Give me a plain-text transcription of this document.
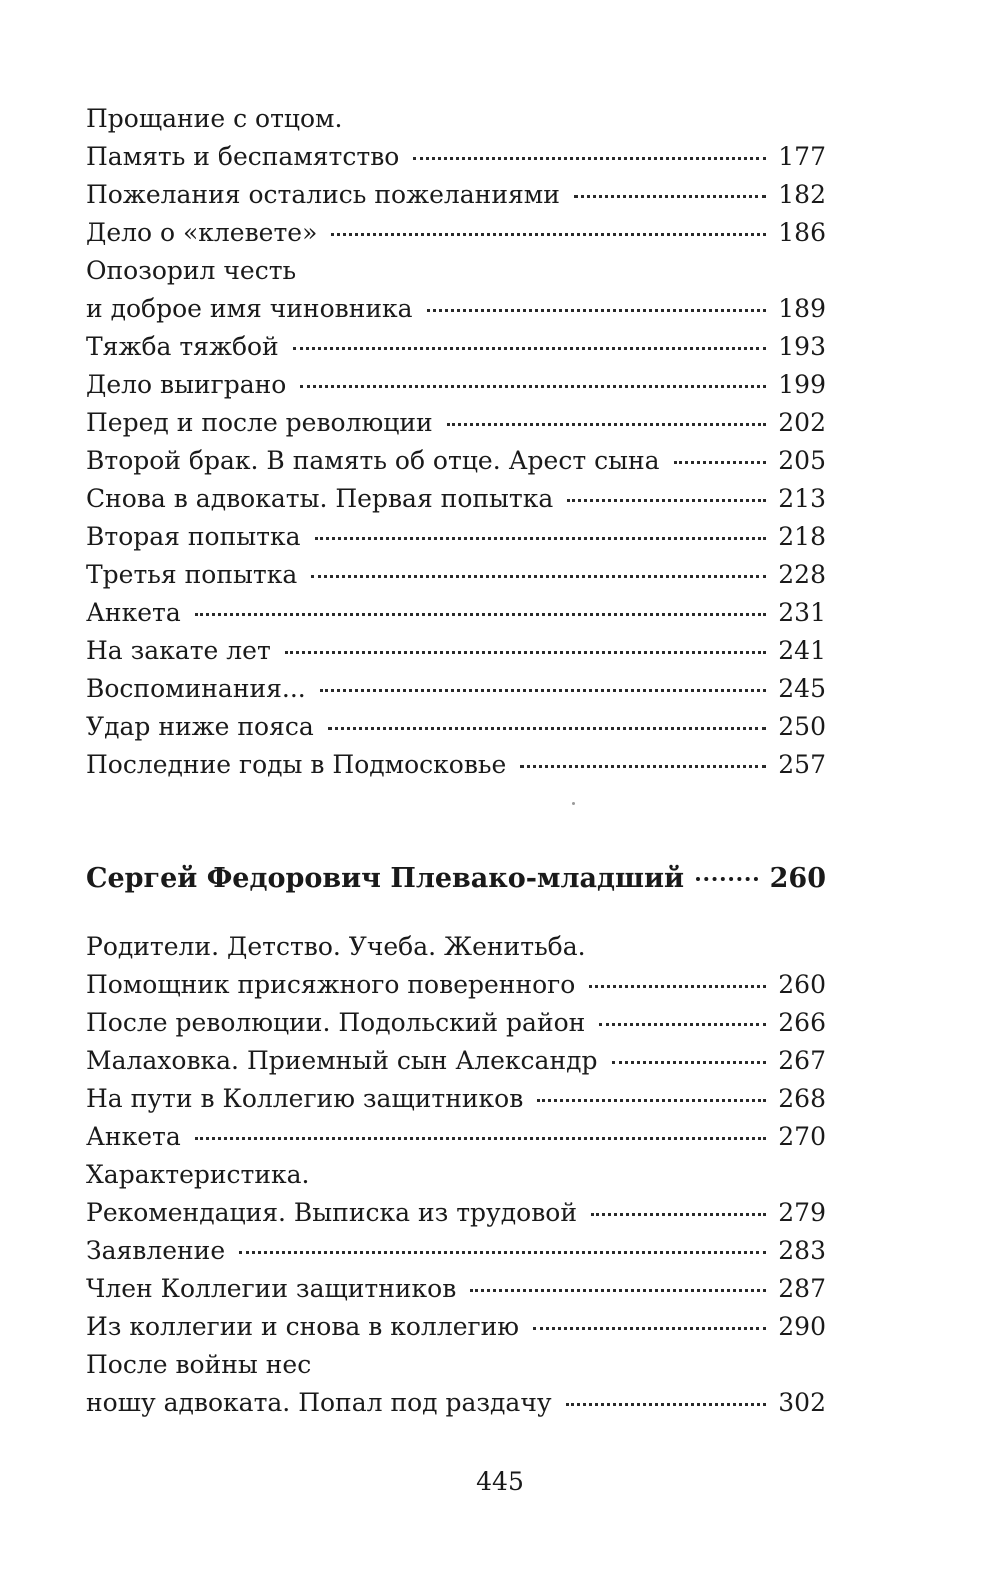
Прощание с отцом.
Память и беспамятство	177
Пожелания остались пожеланиями	182
Дело о «клевете»	186
Опозорил честь
и доброе имя чиновника	189
Тяжба тяжбой	193
Дело выиграно	199
Перед и после революции	202
Второй брак. В память об отце. Арест сына	205
Снова в адвокаты. Первая попытка	213
Вторая попытка	218
Третья попытка	228
Анкета	231
На закате лет	241
Воспоминания...	245
Удар ниже пояса	250
Последние годы в Подмосковье	257
Сергей Федорович Плевако-младший	260
Родители. Детство. Учеба. Женитьба.
Помощник присяжного поверенного	260
После революции. Подольский район	266
Малаховка. Приемный сын Александр	267
На пути в Коллегию защитников	268
Анкета	270
Характеристика.
Рекомендация. Выписка из трудовой	279
Заявление	283
Член Коллегии защитников	287
Из коллегии и снова в коллегию	290
После войны нес
ношу адвоката. Попал под раздачу	302
445
